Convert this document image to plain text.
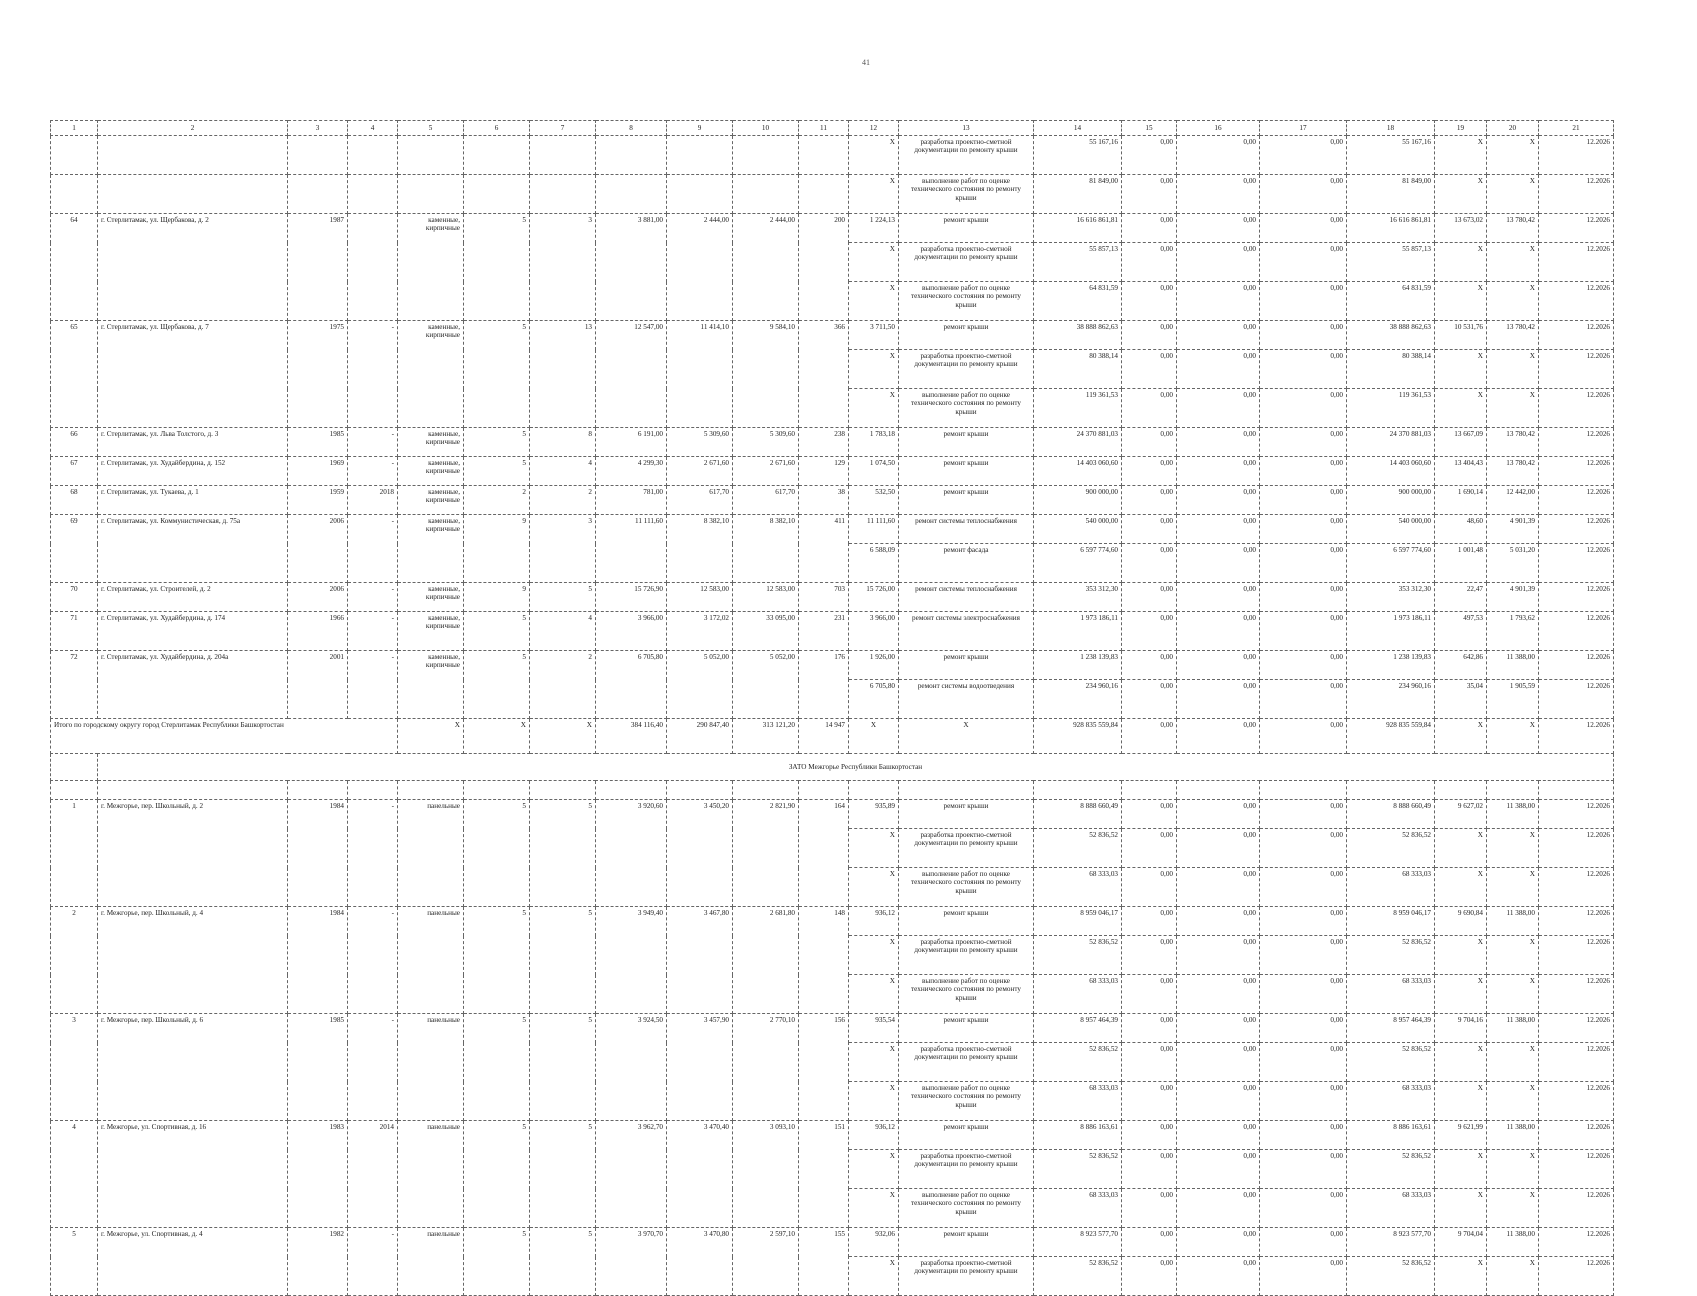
41
1	2	3	4	5	6	7	8	9	10	11	12	13	14	15	16	17	18	19	20	21
											X	разработка проектно-сметной документации по ремонту крыши	55 167,16	0,00	0,00	0,00	55 167,16	X	X	12.2026
											X	выполнение работ по оценке технического состояния по ремонту крыши	81 849,00	0,00	0,00	0,00	81 849,00	X	X	12.2026
64	г. Стерлитамак, ул. Щербакова, д. 2	1987		каменные, кирпичные	5	3	3 881,00	2 444,00	2 444,00	200	1 224,13	ремонт крыши	16 616 861,81	0,00	0,00	0,00	16 616 861,81	13 673,02	13 780,42	12.2026
											X	разработка проектно-сметной документации по ремонту крыши	55 857,13	0,00	0,00	0,00	55 857,13	X	X	12.2026
											X	выполнение работ по оценке технического состояния по ремонту крыши	64 831,59	0,00	0,00	0,00	64 831,59	X	X	12.2026
65	г. Стерлитамак, ул. Щербакова, д. 7	1975	-	каменные, кирпичные	5	13	12 547,00	11 414,10	9 584,10	366	3 711,50	ремонт крыши	38 888 862,63	0,00	0,00	0,00	38 888 862,63	10 531,76	13 780,42	12.2026
											X	разработка проектно-сметной документации по ремонту крыши	80 388,14	0,00	0,00	0,00	80 388,14	X	X	12.2026
											X	выполнение работ по оценке технического состояния по ремонту крыши	119 361,53	0,00	0,00	0,00	119 361,53	X	X	12.2026
66	г. Стерлитамак, ул. Льва Толстого, д. 3	1985	-	каменные, кирпичные	5	8	6 191,00	5 309,60	5 309,60	238	1 783,18	ремонт крыши	24 370 881,03	0,00	0,00	0,00	24 370 881,03	13 667,09	13 780,42	12.2026
67	г. Стерлитамак, ул. Худайбердина, д. 152	1969	-	каменные, кирпичные	5	4	4 299,30	2 671,60	2 671,60	129	1 074,50	ремонт крыши	14 403 060,60	0,00	0,00	0,00	14 403 060,60	13 404,43	13 780,42	12.2026
68	г. Стерлитамак, ул. Тукаева, д. 1	1959	2018	каменные, кирпичные	2	2	781,00	617,70	617,70	38	532,50	ремонт крыши	900 000,00	0,00	0,00	0,00	900 000,00	1 690,14	12 442,00	12.2026
69	г. Стерлитамак, ул. Коммунистическая, д. 75а	2006	-	каменные, кирпичные	9	3	11 111,60	8 382,10	8 382,10	411	11 111,60	ремонт системы теплоснабжения	540 000,00	0,00	0,00	0,00	540 000,00	48,60	4 901,39	12.2026
											6 588,09	ремонт фасада	6 597 774,60	0,00	0,00	0,00	6 597 774,60	1 001,48	5 031,20	12.2026
70	г. Стерлитамак, ул. Строителей, д. 2	2006	-	каменные, кирпичные	9	5	15 726,90	12 583,00	12 583,00	703	15 726,00	ремонт системы теплоснабжения	353 312,30	0,00	0,00	0,00	353 312,30	22,47	4 901,39	12.2026
71	г. Стерлитамак, ул. Худайбердина, д. 174	1966	-	каменные, кирпичные	5	4	3 966,00	3 172,02	33 095,00	231	3 966,00	ремонт системы электроснабжения	1 973 186,11	0,00	0,00	0,00	1 973 186,11	497,53	1 793,62	12.2026
72	г. Стерлитамак, ул. Худайбердина, д. 204а	2001	-	каменные, кирпичные	5	2	6 705,80	5 052,00	5 052,00	176	1 926,00	ремонт крыши	1 238 139,83	0,00	0,00	0,00	1 238 139,83	642,86	11 388,00	12.2026
											6 705,80	ремонт системы водоотведения	234 960,16	0,00	0,00	0,00	234 960,16	35,04	1 905,59	12.2026
Итого по городскому округу город Стерлитамак Республики Башкортостан				X	X	X	384 116,40	290 847,40	313 121,20	14 947	X	X	928 835 559,84	0,00	0,00	0,00	928 835 559,84	X	X	12.2026
	ЗАТО Межгорье Республики Башкортостан																			

1	г. Межгорье, пер. Школьный, д. 2	1984	-	панельные	5	5	3 920,60	3 450,20	2 821,90	164	935,89	ремонт крыши	8 888 660,49	0,00	0,00	0,00	8 888 660,49	9 627,02	11 388,00	12.2026
											X	разработка проектно-сметной документации по ремонту крыши	52 836,52	0,00	0,00	0,00	52 836,52	X	X	12.2026
											X	выполнение работ по оценке технического состояния по ремонту крыши	68 333,03	0,00	0,00	0,00	68 333,03	X	X	12.2026
2	г. Межгорье, пер. Школьный, д. 4	1984	-	панельные	5	5	3 949,40	3 467,80	2 681,80	148	936,12	ремонт крыши	8 959 046,17	0,00	0,00	0,00	8 959 046,17	9 690,84	11 388,00	12.2026
											X	разработка проектно-сметной документации по ремонту крыши	52 836,52	0,00	0,00	0,00	52 836,52	X	X	12.2026
											X	выполнение работ по оценке технического состояния по ремонту крыши	68 333,03	0,00	0,00	0,00	68 333,03	X	X	12.2026
3	г. Межгорье, пер. Школьный, д. 6	1985	-	панельные	5	5	3 924,50	3 457,90	2 770,10	156	935,54	ремонт крыши	8 957 464,39	0,00	0,00	0,00	8 957 464,39	9 704,16	11 388,00	12.2026
											X	разработка проектно-сметной документации по ремонту крыши	52 836,52	0,00	0,00	0,00	52 836,52	X	X	12.2026
											X	выполнение работ по оценке технического состояния по ремонту крыши	68 333,03	0,00	0,00	0,00	68 333,03	X	X	12.2026
4	г. Межгорье, ул. Спортивная, д. 16	1983	2014	панельные	5	5	3 962,70	3 470,40	3 093,10	151	936,12	ремонт крыши	8 886 163,61	0,00	0,00	0,00	8 886 163,61	9 621,99	11 388,00	12.2026
											X	разработка проектно-сметной документации по ремонту крыши	52 836,52	0,00	0,00	0,00	52 836,52	X	X	12.2026
											X	выполнение работ по оценке технического состояния по ремонту крыши	68 333,03	0,00	0,00	0,00	68 333,03	X	X	12.2026
5	г. Межгорье, ул. Спортивная, д. 4	1982	-	панельные	5	5	3 970,70	3 470,80	2 597,10	155	932,06	ремонт крыши	8 923 577,70	0,00	0,00	0,00	8 923 577,70	9 704,04	11 388,00	12.2026
											X	разработка проектно-сметной документации по ремонту крыши	52 836,52	0,00	0,00	0,00	52 836,52	X	X	12.2026
